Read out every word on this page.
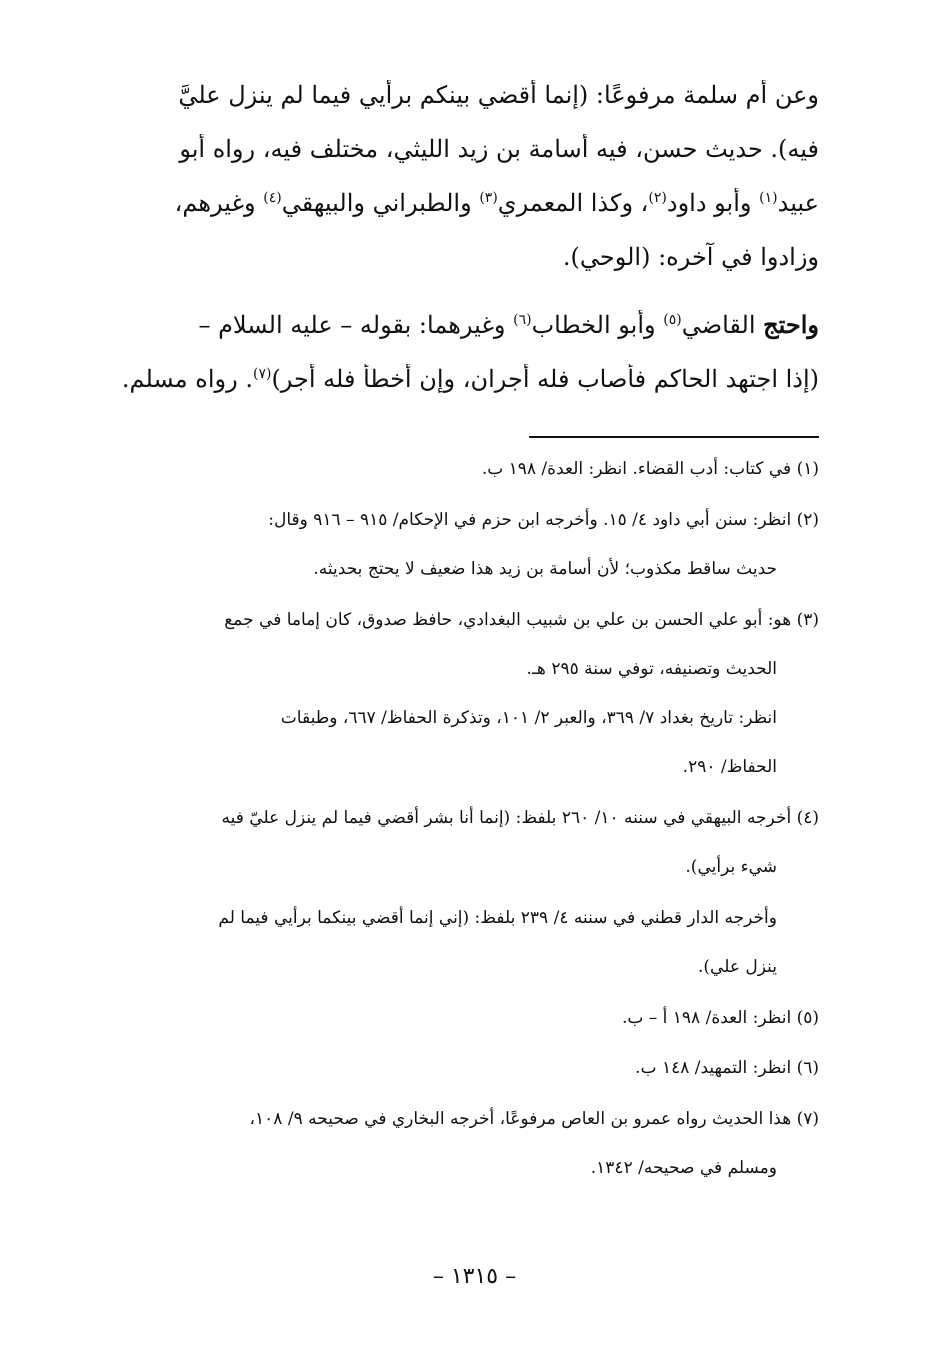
وعن أم سلمة مرفوعًا: (إنما أقضي بينكم برأيي فيما لم ينزل عليَّ
فيه). حديث حسن، فيه أسامة بن زيد الليثي، مختلف فيه، رواه أبو
عبيد$^{(١)}$ وأبو داود$^{(٢)}$، وكذا المعمري$^{(٣)}$ والطبراني والبيهقي$^{(٤)}$ وغيرهم،
وزادوا في آخره: (الوحي).
واحتج القاضي$^{(٥)}$ وأبو الخطاب$^{(٦)}$ وغيرهما: بقوله – عليه السلام –
(إذا اجتهد الحاكم فأصاب فله أجران، وإن أخطأ فله أجر)$^{(٧)}$. رواه مسلم.
(١) في كتاب: أدب القضاء. انظر: العدة/ ١٩٨ ب.
(٢) انظر: سنن أبي داود ٤/ ١٥. وأخرجه ابن حزم في الإحكام/ ٩١٥ – ٩١٦ وقال:
حديث ساقط مكذوب؛ لأن أسامة بن زيد هذا ضعيف لا يحتج بحديثه.
(٣) هو: أبو علي الحسن بن علي بن شبيب البغدادي، حافظ صدوق، كان إماما في جمع
الحديث وتصنيفه، توفي سنة ٢٩٥ هـ.
انظر: تاريخ بغداد ٧/ ٣٦٩، والعبر ٢/ ١٠١، وتذكرة الحفاظ/ ٦٦٧، وطبقات
الحفاظ/ ٢٩٠.
(٤) أخرجه البيهقي في سننه ١٠/ ٢٦٠ بلفظ: (إنما أنا بشر أقضي فيما لم ينزل عليّ فيه
شيء برأيي).
وأخرجه الدار قطني في سننه ٤/ ٢٣٩ بلفظ: (إني إنما أقضي بينكما برأيي فيما لم
ينزل علي).
(٥) انظر: العدة/ ١٩٨ أ – ب.
(٦) انظر: التمهيد/ ١٤٨ ب.
(٧) هذا الحديث رواه عمرو بن العاص مرفوعًا، أخرجه البخاري في صحيحه ٩/ ١٠٨،
ومسلم في صحيحه/ ١٣٤٢.
– ١٣١٥ –
